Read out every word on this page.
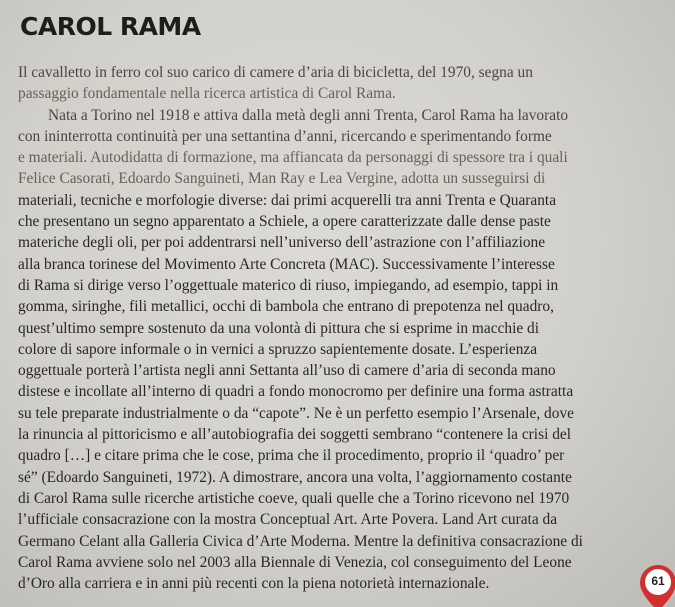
CAROL RAMA
Il cavalletto in ferro col suo carico di camere d’aria di bicicletta, del 1970, segna un
passaggio fondamentale nella ricerca artistica di Carol Rama.
Nata a Torino nel 1918 e attiva dalla metà degli anni Trenta, Carol Rama ha lavorato
con ininterrotta continuità per una settantina d’anni, ricercando e sperimentando forme
e materiali. Autodidatta di formazione, ma affiancata da personaggi di spessore tra i quali
Felice Casorati, Edoardo Sanguineti, Man Ray e Lea Vergine, adotta un susseguirsi di
materiali, tecniche e morfologie diverse: dai primi acquerelli tra anni Trenta e Quaranta
che presentano un segno apparentato a Schiele, a opere caratterizzate dalle dense paste
materiche degli oli, per poi addentrarsi nell’universo dell’astrazione con l’affiliazione
alla branca torinese del Movimento Arte Concreta (MAC). Successivamente l’interesse
di Rama si dirige verso l’oggettuale materico di riuso, impiegando, ad esempio, tappi in
gomma, siringhe, fili metallici, occhi di bambola che entrano di prepotenza nel quadro,
quest’ultimo sempre sostenuto da una volontà di pittura che si esprime in macchie di
colore di sapore informale o in vernici a spruzzo sapientemente dosate. L’esperienza
oggettuale porterà l’artista negli anni Settanta all’uso di camere d’aria di seconda mano
distese e incollate all’interno di quadri a fondo monocromo per definire una forma astratta
su tele preparate industrialmente o da “capote”. Ne è un perfetto esempio l’Arsenale, dove
la rinuncia al pittoricismo e all’autobiografia dei soggetti sembrano “contenere la crisi del
quadro […] e citare prima che le cose, prima che il procedimento, proprio il ‘quadro’ per
sé” (Edoardo Sanguineti, 1972). A dimostrare, ancora una volta, l’aggiornamento costante
di Carol Rama sulle ricerche artistiche coeve, quali quelle che a Torino ricevono nel 1970
l’ufficiale consacrazione con la mostra Conceptual Art. Arte Povera. Land Art curata da
Germano Celant alla Galleria Civica d’Arte Moderna. Mentre la definitiva consacrazione di
Carol Rama avviene solo nel 2003 alla Biennale di Venezia, col conseguimento del Leone
d’Oro alla carriera e in anni più recenti con la piena notorietà internazionale.	61
